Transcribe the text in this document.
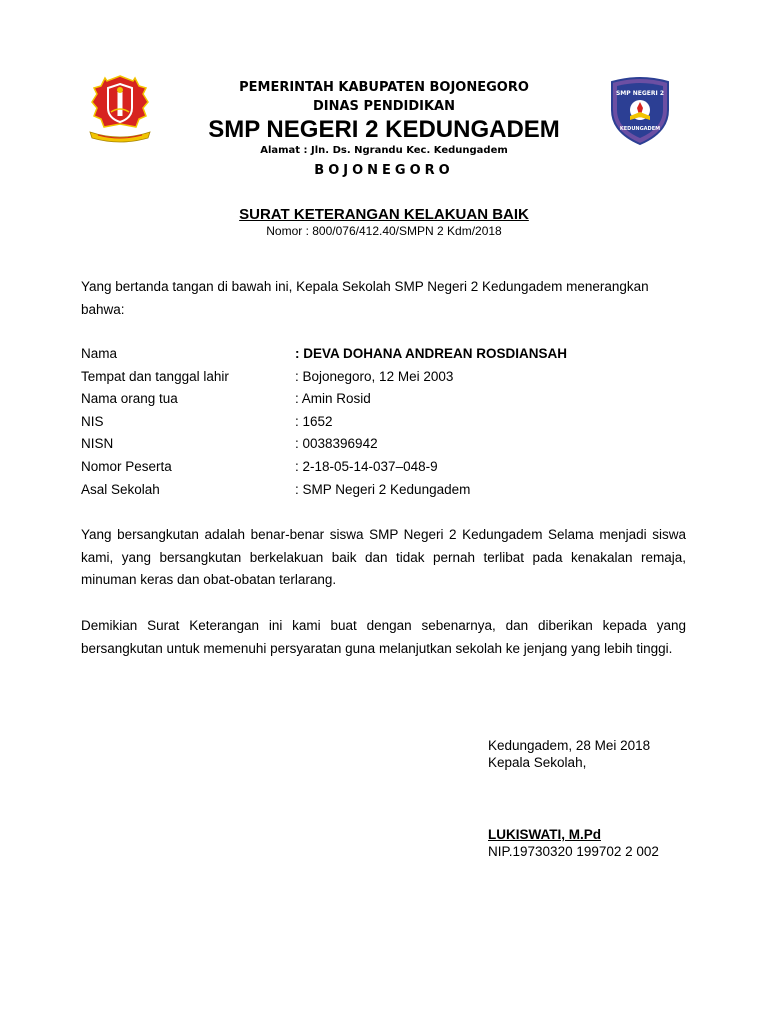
PEMERINTAH KABUPATEN BOJONEGORO
DINAS PENDIDIKAN
SMP NEGERI 2 KEDUNGADEM
Alamat : Jln. Ds. Ngrandu Kec. Kedungadem
BOJONEGORO
SMP NEGERI 2
KEDUNGADEM
SURAT KETERANGAN KELAKUAN BAIK
Nomor : 800/076/412.40/SMPN 2 Kdm/2018
Yang bertanda tangan di bawah ini, Kepala Sekolah SMP Negeri 2 Kedungadem menerangkan bahwa:
Nama	: DEVA DOHANA ANDREAN ROSDIANSAH
Tempat dan tanggal lahir	: Bojonegoro, 12 Mei 2003
Nama orang tua	: Amin Rosid
NIS	: 1652
NISN	: 0038396942
Nomor Peserta	: 2-18-05-14-037–048-9
Asal Sekolah	: SMP Negeri 2 Kedungadem
Yang bersangkutan adalah benar-benar siswa SMP Negeri 2 Kedungadem Selama menjadi siswa kami, yang bersangkutan berkelakuan baik dan tidak pernah terlibat pada kenakalan remaja, minuman keras dan obat-obatan terlarang.
Demikian Surat Keterangan ini kami buat dengan sebenarnya, dan diberikan kepada yang bersangkutan untuk memenuhi persyaratan guna melanjutkan sekolah ke jenjang yang lebih tinggi.
Kedungadem, 28 Mei 2018
Kepala Sekolah,
LUKISWATI, M.Pd
NIP.19730320 199702 2 002
